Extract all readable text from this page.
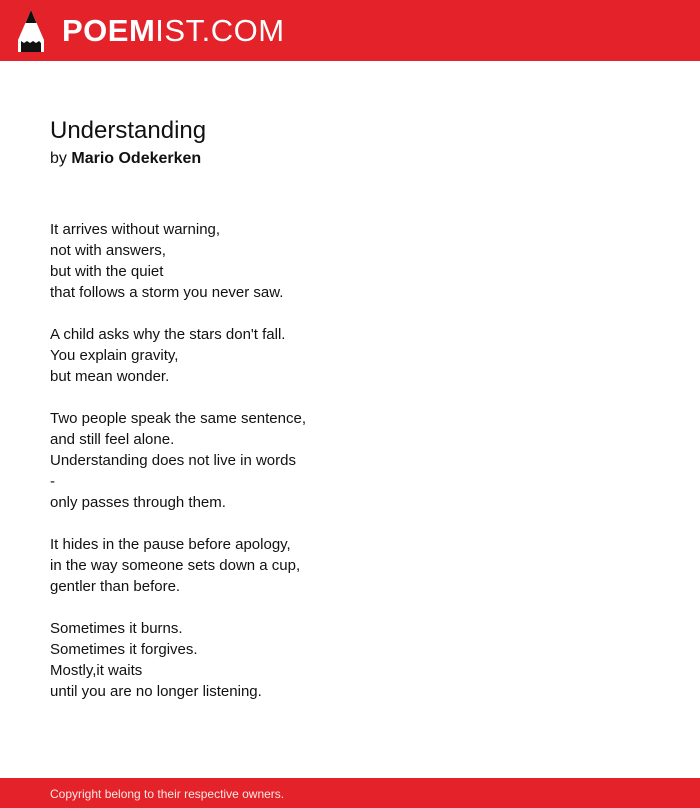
POEMIST.COM
Understanding
by Mario Odekerken
It arrives without warning,
not with answers,
but with the quiet
that follows a storm you never saw.
A child asks why the stars don't fall.
You explain gravity,
but mean wonder.
Two people speak the same sentence,
and still feel alone.
Understanding does not live in words
-
only passes through them.
It hides in the pause before apology,
in the way someone sets down a cup,
gentler than before.
Sometimes it burns.
Sometimes it forgives.
Mostly,it waits
until you are no longer listening.
Copyright belong to their respective owners.
